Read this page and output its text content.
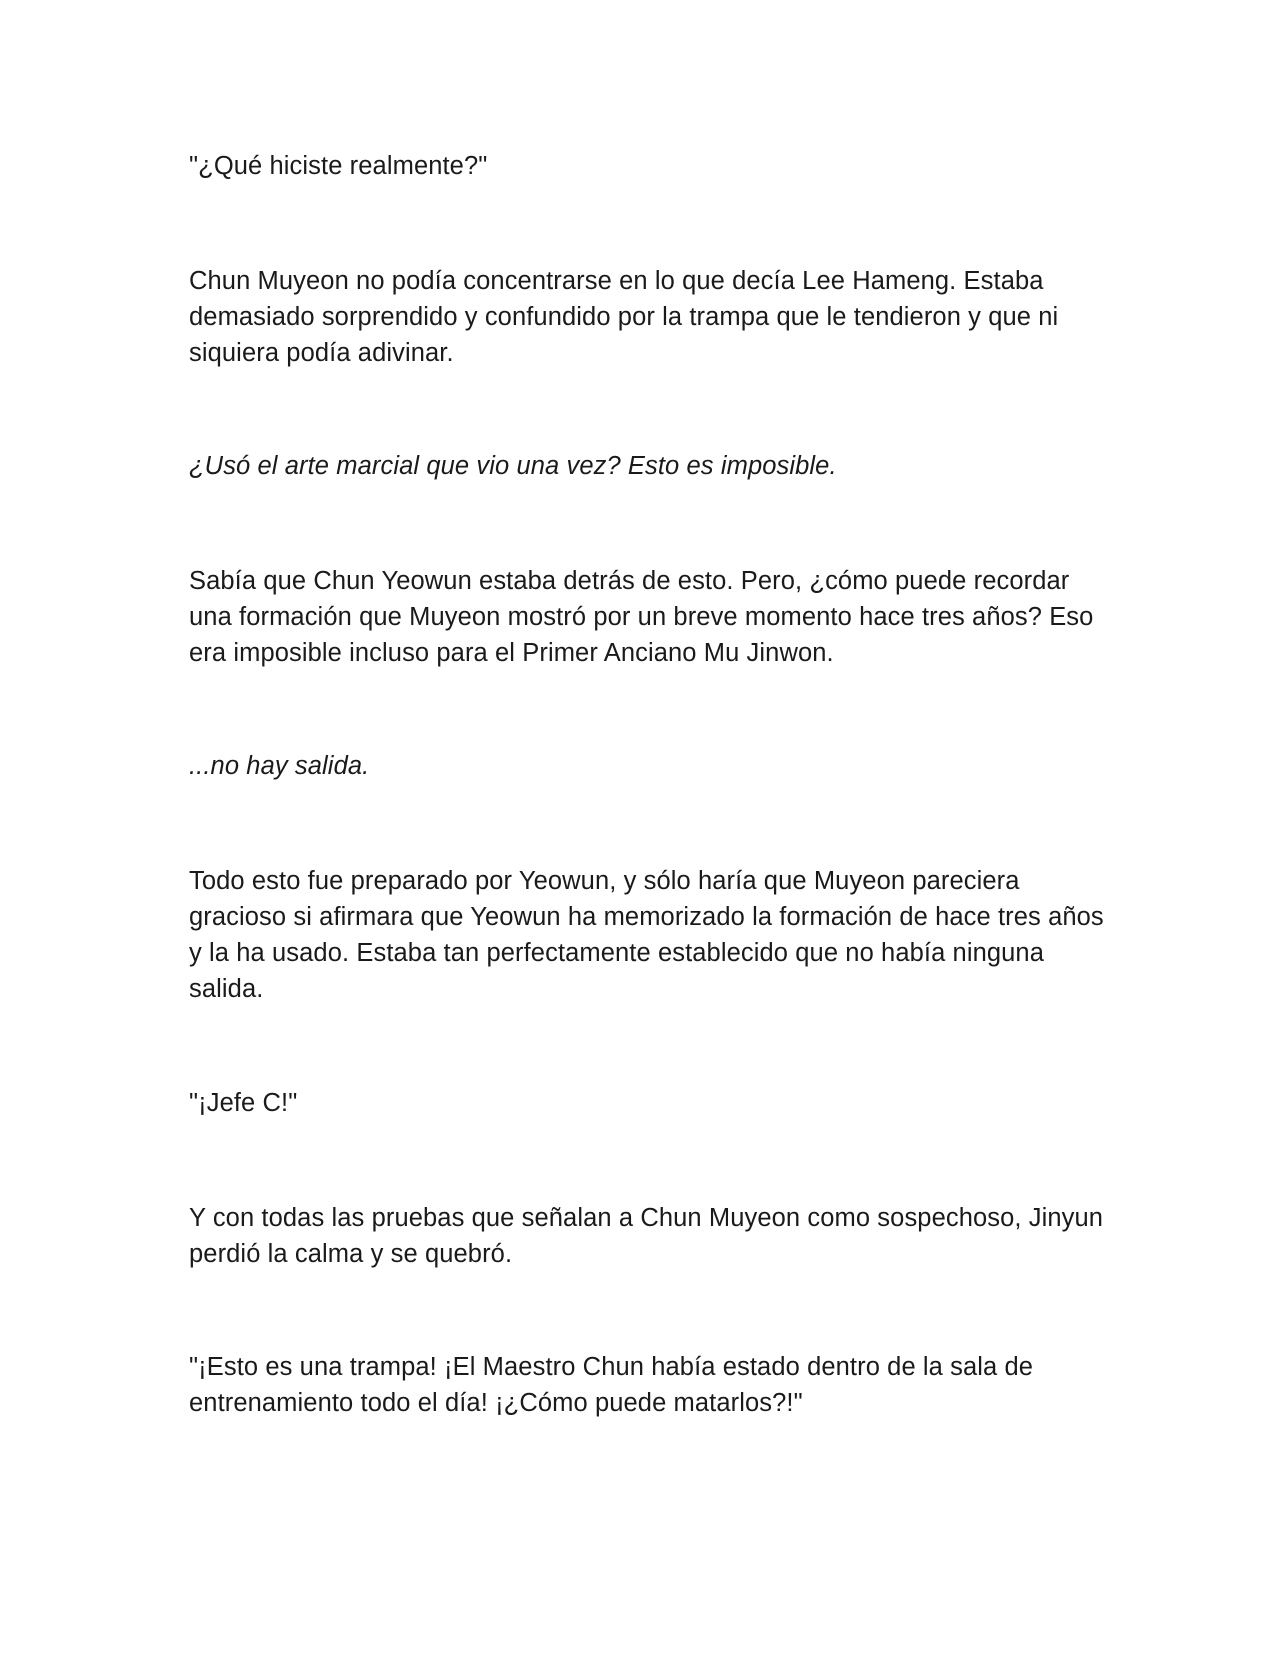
"¿Qué hiciste realmente?"

Chun Muyeon no podía concentrarse en lo que decía Lee Hameng. Estaba demasiado sorprendido y confundido por la trampa que le tendieron y que ni siquiera podía adivinar.

¿Usó el arte marcial que vio una vez? Esto es imposible.

Sabía que Chun Yeowun estaba detrás de esto. Pero, ¿cómo puede recordar una formación que Muyeon mostró por un breve momento hace tres años? Eso era imposible incluso para el Primer Anciano Mu Jinwon.

...no hay salida.

Todo esto fue preparado por Yeowun, y sólo haría que Muyeon pareciera gracioso si afirmara que Yeowun ha memorizado la formación de hace tres años y la ha usado. Estaba tan perfectamente establecido que no había ninguna salida.

"¡Jefe C!"

Y con todas las pruebas que señalan a Chun Muyeon como sospechoso, Jinyun perdió la calma y se quebró.

"¡Esto es una trampa! ¡El Maestro Chun había estado dentro de la sala de entrenamiento todo el día! ¡¿Cómo puede matarlos?!"
